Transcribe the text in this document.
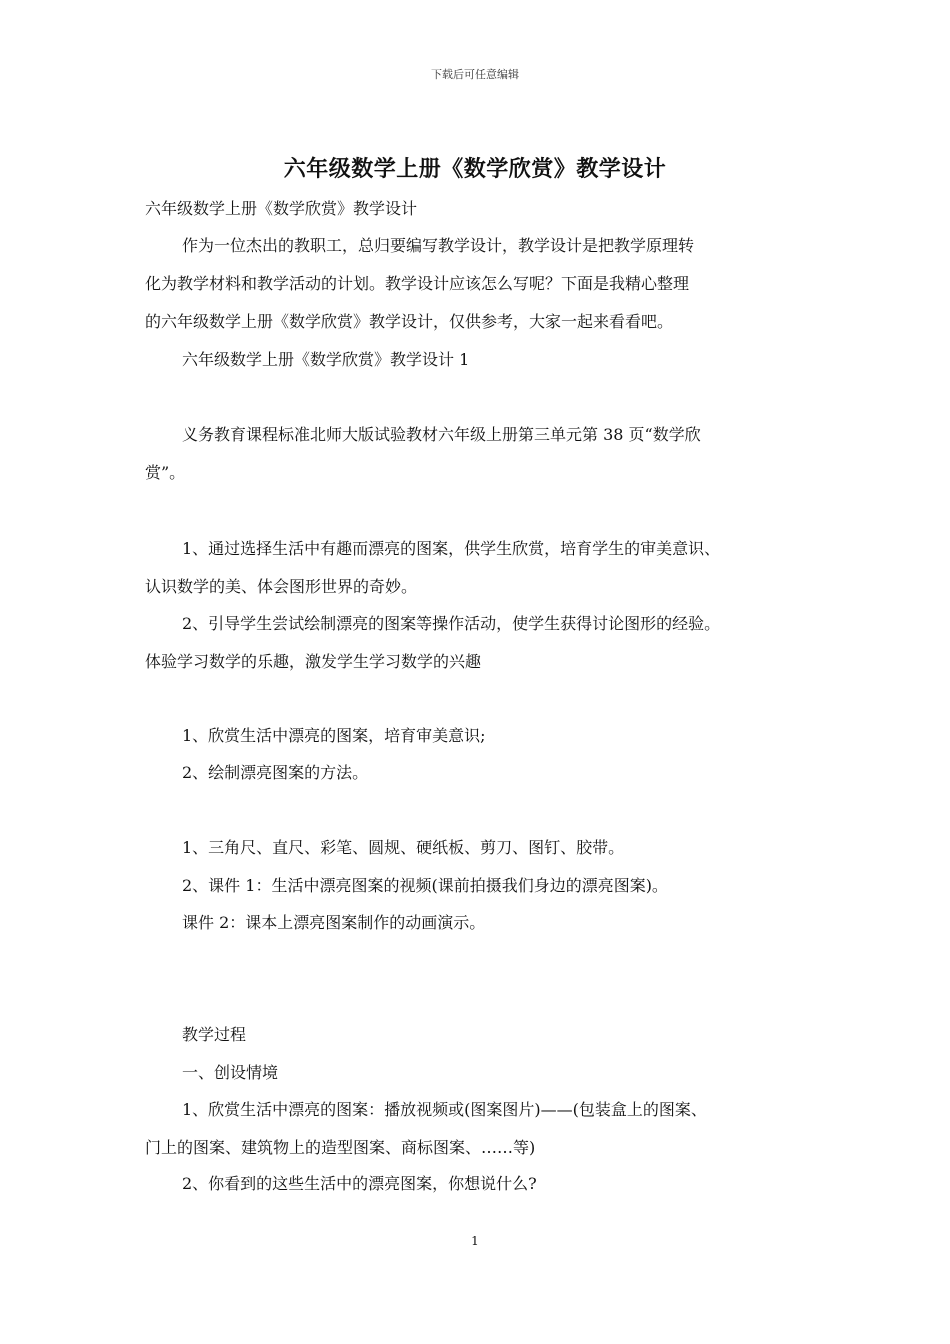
下载后可任意编辑
六年级数学上册《数学欣赏》教学设计
六年级数学上册《数学欣赏》教学设计
作为一位杰出的教职工，总归要编写教学设计，教学设计是把教学原理转
化为教学材料和教学活动的计划。教学设计应该怎么写呢？下面是我精心整理
的六年级数学上册《数学欣赏》教学设计，仅供参考，大家一起来看看吧。
六年级数学上册《数学欣赏》教学设计 1
义务教育课程标准北师大版试验教材六年级上册第三单元第 38 页“数学欣
赏”。
1、通过选择生活中有趣而漂亮的图案，供学生欣赏，培育学生的审美意识、
认识数学的美、体会图形世界的奇妙。
2、引导学生尝试绘制漂亮的图案等操作活动，使学生获得讨论图形的经验。
体验学习数学的乐趣，激发学生学习数学的兴趣
1、欣赏生活中漂亮的图案，培育审美意识;
2、绘制漂亮图案的方法。
1、三角尺、直尺、彩笔、圆规、硬纸板、剪刀、图钉、胶带。
2、课件 1：生活中漂亮图案的视频(课前拍摄我们身边的漂亮图案)。
课件 2：课本上漂亮图案制作的动画演示。
教学过程
一、创设情境
1、欣赏生活中漂亮的图案：播放视频或(图案图片)——(包装盒上的图案、
门上的图案、建筑物上的造型图案、商标图案、……等)
2、你看到的这些生活中的漂亮图案，你想说什么?
1
